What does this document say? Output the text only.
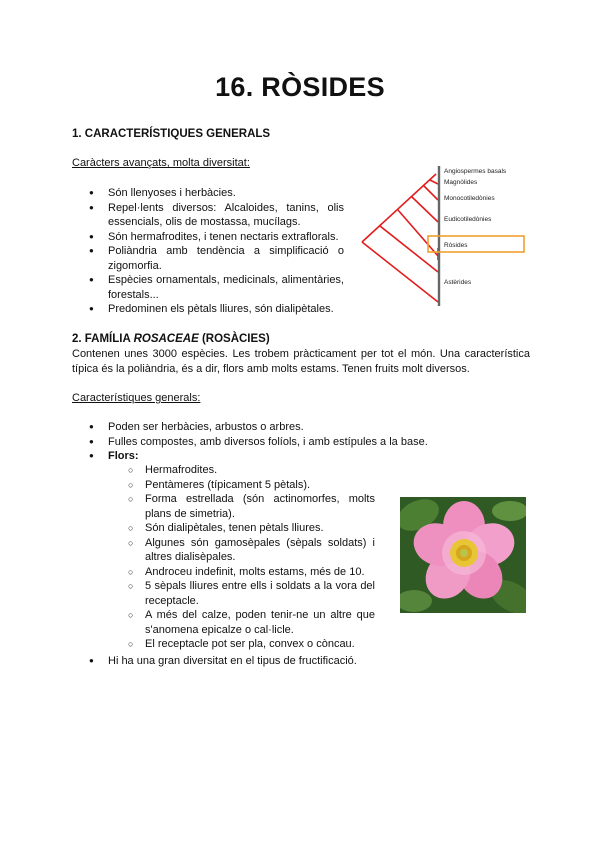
16. RÒSIDES
1. CARACTERÍSTIQUES GENERALS
Caràcters avançats, molta diversitat:
● Són llenyoses i herbàcies.
● Repel·lents diversos: Alcaloides, tanins, olis essencials, olis de mostassa, mucílags.
● Són hermafrodites, i tenen nectaris extraflorals.
● Poliàndria amb tendència a simplificació o zigomorfia.
● Espècies ornamentals, medicinals, alimentàries, forestals...
● Predominen els pètals lliures, són dialipètales.
Angiospermes basals
Magnòlides
Monocotiledònies
Eudicotiledònies
Ròsides
Astèrides
2. FAMÍLIA ROSACEAE (ROSÀCIES)

Contenen unes 3000 espècies. Les trobem pràcticament per tot el món. Una característica típica és la poliàndria, és a dir, flors amb molts estams. Tenen fruits molt diversos.

Característiques generals:
● Poden ser herbàcies, arbustos o arbres.
● Fulles compostes, amb diversos folíols, i amb estípules a la base.
● Flors:
○ Hermafrodites.
○ Pentàmeres (típicament 5 pètals).
○ Forma estrellada (són actinomorfes, molts plans de simetria).
○ Són dialipètales, tenen pètals lliures.
○ Algunes són gamosèpales (sèpals soldats) i altres dialisèpales.
○ Androceu indefinit, molts estams, més de 10.
○ 5 sèpals lliures entre ells i soldats a la vora del receptacle.
○ A més del calze, poden tenir-ne un altre que s'anomena epicalze o cal·licle.
○ El receptacle pot ser pla, convex o còncau.
● Hi ha una gran diversitat en el tipus de fructificació.
